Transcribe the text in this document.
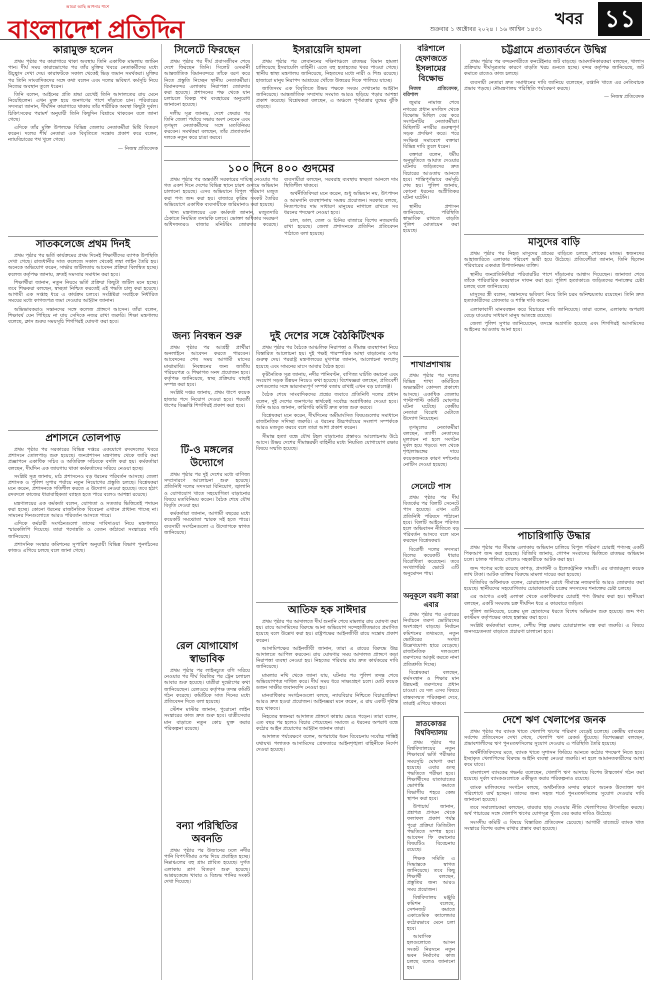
আমরা আছি আপনার পাশে
বাংলাদেশ প্রতিদিন	শুক্রবার ১ অক্টোবর ২০২৪ । ১৬ আশ্বিন ১৪৩১
খবর ১১
কারামুক্ত হলেন

প্রথম পৃষ্ঠার পর কারাগারে থাকা অবস্থায় তিনি একাধিক মামলায় জামিন পান। দীর্ঘ সময় কারাভোগের পর তাঁর মুক্তির খবরে নেতাকর্মীদের মধ্যে উচ্ছ্বাস দেখা দেয়। কারাফটকে সকাল থেকেই ভিড় জমান সমর্থকরা। মুক্তির পর তিনি সাংবাদিকদের সঙ্গে কথা বলেন এবং দলের ভবিষ্যৎ কর্মসূচি নিয়ে নিজের অবস্থান তুলে ধরেন।

তিনি বলেন, আইনের প্রতি শ্রদ্ধা রেখেই তিনি আদালতের রায় মেনে নিয়েছিলেন। এখন মুক্ত হয়ে জনগণের পাশে দাঁড়াতে চান। পরিবারের সদস্যরা জানান, দীর্ঘদিন কারাগারে থাকায় তাঁর শারীরিক অবস্থা কিছুটা দুর্বল। চিকিৎসকের পরামর্শ অনুযায়ী তিনি কিছুদিন বিশ্রামে থাকবেন বলে জানা গেছে।

এদিকে তাঁর মুক্তি উপলক্ষে বিভিন্ন জেলায় নেতাকর্মীরা মিষ্টি বিতরণ করেন। দলের শীর্ষ নেতারা এক বিবৃতিতে সন্তোষ প্রকাশ করে বলেন, ন্যায়বিচারের পথ খুলে গেছে।

— নিজস্ব প্রতিবেদক

সাতকলেজে প্রথম দিনই

প্রথম পৃষ্ঠার পর ভর্তি কার্যক্রমের প্রথম দিনেই শিক্ষার্থীদের ব্যাপক উপস্থিতি দেখা গেছে। রাজধানীর সাত কলেজে সকাল থেকেই লম্বা লাইন তৈরি হয়। অনেকে অভিযোগ করেন, সার্ভার জটিলতায় আবেদন প্রক্রিয়া বিলম্বিত হচ্ছে। কলেজ কর্তৃপক্ষ জানায়, দ্রুতই সমস্যার সমাধান করা হবে।

শিক্ষার্থীরা জানান, নতুন নিয়মে ভর্তি প্রক্রিয়া কিছুটা জটিল মনে হচ্ছে। তবে শিক্ষকরা বলছেন, স্বচ্ছতা নিশ্চিত করতেই এই পদ্ধতি চালু করা হয়েছে। আগামী এক সপ্তাহ ধরে এ কার্যক্রম চলবে। সংশ্লিষ্টরা সবাইকে নির্ধারিত সময়ের মধ্যে কাগজপত্র জমা দেওয়ার আহ্বান জানান।

অভিভাবকরাও সন্তানদের সঙ্গে কলেজ প্রাঙ্গণে আসেন। তাঁরা বলেন, শিক্ষাবর্ষ যেন পিছিয়ে না যায় সেদিকে নজর রাখা জরুরি। শিক্ষা মন্ত্রণালয় বলেছে, ক্লাস শুরুর সময়সূচি শিগগিরই ঘোষণা করা হবে।

প্রশাসনে তোলপাড়

প্রথম পৃষ্ঠার পর সরকারের বিভিন্ন দপ্তরে একযোগে রদবদলের খবরে প্রশাসনে তোলপাড় শুরু হয়েছে। জনপ্রশাসন মন্ত্রণালয় থেকে জারি করা প্রজ্ঞাপনে একাধিক সচিব ও অতিরিক্ত সচিবকে বদলি করা হয়। কর্মকর্তারা বলছেন, দীর্ঘদিন এক জায়গায় থাকা কর্মকর্তাদের সরিয়ে নেওয়া হচ্ছে।

সংশ্লিষ্ট সূত্র জানায়, মাঠ প্রশাসনেও বড় ধরনের পরিবর্তন আসছে। জেলা প্রশাসক ও পুলিশ সুপার পর্যায়ে নতুন নিয়োগের প্রস্তুতি চলছে। বিশ্লেষকরা মনে করেন, প্রশাসনকে গতিশীল করতে এ উদ্যোগ নেওয়া হয়েছে। তবে হঠাৎ রদবদলে কাজের ধারাবাহিকতা ব্যাহত হতে পারে বলেও আশঙ্কা রয়েছে।

মন্ত্রণালয়ের এক কর্মকর্তা বলেন, যোগ্যতা ও সততার ভিত্তিতেই পদায়ন করা হচ্ছে। কোনো ধরনের রাজনৈতিক বিবেচনা এখানে প্রাধান্য পাচ্ছে না। সামনের দিনগুলোতে আরও পরিবর্তন আসতে পারে।

এদিকে কর্মচারী সংগঠনগুলো তাদের দাবিদাওয়া নিয়ে মন্ত্রণালয়ে স্মারকলিপি দিয়েছে। তারা পদোন্নতি ও বেতন কাঠামো সংস্কারের দাবি জানিয়েছে।

প্রশাসনিক সংস্কার কমিশনের সুপারিশ অনুযায়ী বিভিন্ন বিভাগ পুনর্গঠনের কাজও এগিয়ে চলছে বলে জানা গেছে।

সিলেটে ফিরছেন

প্রথম পৃষ্ঠার পর দীর্ঘ প্রবাসজীবন শেষে দেশে ফিরছেন তিনি। সিলেট ওসমানী আন্তর্জাতিক বিমানবন্দরে তাঁকে বরণ করে নিতে প্রস্তুতি নিচ্ছেন স্থানীয় নেতাকর্মীরা। বিমানবন্দর এলাকায় নিরাপত্তা জোরদার করা হয়েছে। প্রশাসনের পক্ষ থেকে যান চলাচলে বিকল্প পথ ব্যবহারের অনুরোধ জানানো হয়েছে।

দলীয় সূত্র জানায়, দেশে ফেরার পর তিনি জেলা পর্যায়ে সভায় অংশ নেবেন এবং তৃণমূল নেতাকর্মীদের সঙ্গে মতবিনিময় করবেন। সমর্থকরা বলছেন, তাঁর প্রত্যাবর্তন দলকে নতুন করে চাঙা করবে।

জন্য নিবন্ধন শুরু

প্রথম পৃষ্ঠার পর আগ্রহী প্রার্থীরা অনলাইনে আবেদন করতে পারবেন। আবেদনের শেষ সময় আগামী মাসের মাঝামাঝি। নিবন্ধনের জন্য জাতীয় পরিচয়পত্র ও শিক্ষাগত সনদ প্রয়োজন হবে। কর্তৃপক্ষ জানিয়েছে, স্বচ্ছ প্রক্রিয়ায় বাছাই সম্পন্ন করা হবে।

সংশ্লিষ্ট দপ্তর জানায়, প্রথম ধাপে কয়েক হাজার পদে নিয়োগ দেওয়া হবে। পরবর্তী ধাপের বিজ্ঞপ্তি শিগগিরই প্রকাশ করা হবে।

টি-ও মঙ্গলের উদ্যোগে

প্রথম পৃষ্ঠার পর দুই দেশের মধ্যে বাণিজ্য সম্প্রসারণে আলোচনা শুরু হয়েছে। প্রতিনিধি দলের সদস্যরা বিনিয়োগ, জ্বালানি ও যোগাযোগ খাতে সহযোগিতা বাড়ানোর বিষয়ে মতবিনিময় করেন। বৈঠক শেষে যৌথ বিবৃতি দেওয়া হয়।

কর্মকর্তারা জানান, আগামী বছরের মধ্যে কয়েকটি সমঝোতা স্মারক সই হতে পারে। ব্যবসায়ী সংগঠনগুলো এ উদ্যোগকে স্বাগত জানিয়েছে।

রেল যোগাযোগ স্বাভাবিক

প্রথম পৃষ্ঠার পর লাইনচ্যুত বগি সরিয়ে নেওয়ার পর দীর্ঘ বিরতির পর ট্রেন চলাচল আবার শুরু হয়েছে। যাত্রীরা দুর্ভোগের কথা জানিয়েছেন। রেলওয়ে কর্তৃপক্ষ তদন্ত কমিটি গঠন করেছে। কমিটিকে সাত দিনের মধ্যে প্রতিবেদন দিতে বলা হয়েছে।

স্টেশন মাস্টার জানান, পুরোনো লাইন সংস্কারের কাজ দ্রুত শুরু হবে। যাত্রীসেবার মান বাড়াতে নতুন কোচ যুক্ত করার পরিকল্পনা রয়েছে।

বন্যা পরিস্থিতির অবনতি

প্রথম পৃষ্ঠার পর উজানের ঢলে নদীর পানি বিপৎসীমার ওপর দিয়ে প্রবাহিত হচ্ছে। নিম্নাঞ্চলের বহু গ্রাম প্লাবিত হয়েছে। দুর্গত এলাকায় ত্রাণ বিতরণ শুরু হয়েছে। আশ্রয়কেন্দ্রে খাবার ও বিশুদ্ধ পানির সংকট দেখা দিয়েছে।

ইসরায়েলি হামলা

প্রথম পৃষ্ঠার পর লেবাননের দক্ষিণাঞ্চলে রাতভর বিমান হামলা চালিয়েছে ইসরায়েলি বাহিনী। এতে বহু হতাহতের খবর পাওয়া গেছে। স্থানীয় স্বাস্থ্য মন্ত্রণালয় জানিয়েছে, নিহতদের মধ্যে নারী ও শিশু রয়েছে। হাজারো মানুষ নিরাপদ আশ্রয়ের খোঁজে উত্তরের দিকে পালিয়ে যাচ্ছে।

জাতিসংঘ এক বিবৃতিতে উভয় পক্ষকে সংযম দেখানোর আহ্বান জানিয়েছে। আন্তর্জাতিক সম্প্রদায় সংঘাত আরও ছড়িয়ে পড়ার আশঙ্কা প্রকাশ করেছে। বিশ্লেষকরা বলছেন, এ অঞ্চলে পূর্ণমাত্রার যুদ্ধের ঝুঁকি বাড়ছে।

১০০ দিনে ৪০০ গুদমের

প্রথম পৃষ্ঠার পর অন্তর্বর্তী সরকারের দায়িত্ব নেওয়ার পর গত একশ দিনে দেশের বিভিন্ন স্থানে চারশ গুদামে অভিযান চালানো হয়েছে। এসব অভিযানে বিপুল পরিমাণ মজুত করা পণ্য জব্দ করা হয়। বাজারে কৃত্রিম সংকট তৈরির অভিযোগে একাধিক ব্যবসায়ীকে জরিমানাও করা হয়েছে।

খাদ্য মন্ত্রণালয়ের এক কর্মকর্তা জানান, মজুতদারি ঠেকাতে নিয়মিত তদারকি চলবে। ভোক্তা অধিকার সংরক্ষণ অধিদফতরও বাজার মনিটরিং জোরদার করেছে। ব্যবসায়ীরা বলছেন, সরবরাহ ব্যবস্থায় স্বচ্ছতা আনলে দাম স্থিতিশীল থাকবে।

অর্থনীতিবিদরা মনে করেন, শুধু অভিযান নয়, উৎপাদন ও আমদানি ব্যবস্থাপনায় সমন্বয় প্রয়োজন। সরকার বলছে, নিত্যপণ্যের দাম সাধারণ মানুষের নাগালে রাখতে সব ধরনের পদক্ষেপ নেওয়া হবে।

চাল, ডাল, তেল ও চিনির বাজারে বিশেষ নজরদারি রাখা হয়েছে। জেলা প্রশাসনকে প্রতিদিন প্রতিবেদন পাঠাতে বলা হয়েছে।

দুই দেশের সঙ্গে বৈঠকিটিংখক

প্রথম পৃষ্ঠার পর বৈঠকে আঞ্চলিক নিরাপত্তা ও সীমান্ত ব্যবস্থাপনা নিয়ে বিস্তারিত আলোচনা হয়। দুই পক্ষই পারস্পরিক আস্থা বাড়ানোর ওপর গুরুত্ব দেয়। পররাষ্ট্র মন্ত্রণালয়ের মুখপাত্র জানান, আলোচনা ফলপ্রসূ হয়েছে এবং সামনের মাসে আবার বৈঠক হবে।

কূটনৈতিক সূত্র জানায়, নদীর পানিবণ্টন, বাণিজ্য ঘাটতি কমানো এবং সংযোগ সড়ক উন্নয়ন নিয়েও কথা হয়েছে। বিশেষজ্ঞরা বলছেন, প্রতিবেশী দেশগুলোর সঙ্গে ভারসাম্যপূর্ণ সম্পর্ক বজায় রাখাই এখন বড় চ্যালেঞ্জ।

বৈঠক শেষে সাংবাদিকদের প্রশ্নের জবাবে প্রতিনিধি দলের প্রধান বলেন, দুই দেশের জনগণের স্বার্থকেই সর্বোচ্চ অগ্রাধিকার দেওয়া হবে। তিনি আরও জানান, কারিগরি কমিটি দ্রুত কাজ শুরু করবে।

বিশ্লেষকরা মনে করেন, দীর্ঘদিনের অমীমাংসিত বিষয়গুলোর সমাধানে রাজনৈতিক সদিচ্ছা জরুরি। এ ধরনের উচ্চপর্যায়ের সংলাপ সম্পর্ককে আরও মজবুত করবে বলে তারা আশা প্রকাশ করেন।

সীমান্ত হত্যা বন্ধে যৌথ টহল বাড়ানোর প্রস্তাবও আলোচনায় উঠে আসে। উভয় দেশের সীমান্তরক্ষী বাহিনীর মধ্যে নিয়মিত যোগাযোগ রক্ষার বিষয়ে সম্মতি হয়েছে।

আতিফ হক সাঈদার

প্রথম পৃষ্ঠার পর আদালতে দীর্ঘ শুনানি শেষে মামলার রায় ঘোষণা করা হয়। রায়ে আসামিদের বিরুদ্ধে আনা অভিযোগ সন্দেহাতীতভাবে প্রমাণিত হয়েছে বলে উল্লেখ করা হয়। রাষ্ট্রপক্ষের আইনজীবী রায়ে সন্তোষ প্রকাশ করেন।

আসামিপক্ষের আইনজীবী জানান, তারা এ রায়ের বিরুদ্ধে উচ্চ আদালতে আপিল করবেন। রায় ঘোষণার সময় আদালত প্রাঙ্গণে কড়া নিরাপত্তা ব্যবস্থা নেওয়া হয়। নিহতের পরিবার রায় দ্রুত কার্যকরের দাবি জানিয়েছে।

মামলার নথি থেকে জানা যায়, ঘটনার পর পুলিশ তদন্ত শেষে অভিযোগপত্র দাখিল করে। দীর্ঘ সময় ধরে সাক্ষ্যগ্রহণ চলে। মোট কয়েক ডজন সাক্ষীর জবানবন্দি নেওয়া হয়।

মানবাধিকার সংগঠনগুলো বলছে, ন্যায়বিচার নিশ্চিতে বিচারপ্রক্রিয়া আরও দ্রুত হওয়া প্রয়োজন। আইনজ্ঞরা মনে করেন, এ রায় একটি দৃষ্টান্ত হয়ে থাকবে।

নিহতের স্বজনরা আদালত প্রাঙ্গণে কান্নায় ভেঙে পড়েন। তারা বলেন, এত বছর পর হলেও বিচার পেয়েছেন। সমাজে এ ধরনের অপরাধ বন্ধে কঠোর আইন প্রয়োগের আহ্বান জানান তারা।

আদালত পর্যবেক্ষণে বলেন, অপরাধের ধরন বিবেচনায় সর্বোচ্চ শাস্তিই যথাযথ। পলাতক আসামিদের গ্রেফতারে আইনশৃঙ্খলা বাহিনীকে নির্দেশ দেওয়া হয়েছে।

বরিশালে হেফাজতে ইসলামের বিক্ষোভ

নিজস্ব প্রতিবেদক, বরিশাল

জুমার নামাজ শেষে নগরের প্রধান মসজিদ থেকে বিক্ষোভ মিছিল বের করে সংগঠনটির নেতাকর্মীরা। মিছিলটি নগরীর গুরুত্বপূর্ণ সড়ক প্রদক্ষিণ করে। পরে সংক্ষিপ্ত সমাবেশে বক্তারা বিভিন্ন দাবি তুলে ধরেন।

বক্তারা বলেন, ধর্মীয় অনুভূতিতে আঘাত দেওয়ার ঘটনায় জড়িতদের দ্রুত বিচারের আওতায় আনতে হবে। শান্তিপূর্ণভাবে কর্মসূচি শেষ হয়। পুলিশ জানায়, কোনো ধরনের অপ্রীতিকর ঘটনা ঘটেনি।

স্থানীয় প্রশাসন জানিয়েছে, পরিস্থিতি স্বাভাবিক রাখতে বাড়তি পুলিশ মোতায়েন করা হয়েছে।

শাখাপ্রশাখায়

প্রথম পৃষ্ঠার পর দলের বিভিন্ন শাখা কমিটিতে অভ্যন্তরীণ কোন্দল প্রকাশ্যে আসছে। একাধিক জেলায় পাল্টাপাল্টি কমিটি ঘোষণার ঘটনা ঘটেছে। কেন্দ্রীয় নেতারা বিরোধ মেটাতে উদ্যোগ নিয়েছেন।

তৃণমূলের নেতাকর্মীরা বলছেন, ত্যাগী নেতাদের মূল্যায়ন না হলে সংগঠন দুর্বল হয়ে পড়বে। দল থেকে শৃঙ্খলাভঙ্গের দায়ে কয়েকজনকে কারণ দর্শানোর নোটিস দেওয়া হয়েছে।

সেনেটে পাস

প্রথম পৃষ্ঠার পর দীর্ঘ বিতর্কের পর বিলটি সেনেটে পাস হয়েছে। এখন এটি প্রতিনিধি পরিষদে পাঠানো হবে। বিলটি আইনে পরিণত হলে অভিবাসন নীতিতে বড় পরিবর্তন আসবে বলে মনে করছেন বিশ্লেষকরা।

বিরোধী দলের সদস্যরা বিলের কয়েকটি ধারার বিরোধিতা করেছেন। তবে সংখ্যাগরিষ্ঠ ভোটে এটি অনুমোদন পায়।

অনুকূলে বয়সী কারা এবার

প্রথম পৃষ্ঠার পর এবারের নির্বাচনে তরুণ ভোটারদের অংশগ্রহণ বাড়ছে। নির্বাচন কমিশনের তথ্যমতে, নতুন ভোটারের সংখ্যা উল্লেখযোগ্য হারে বেড়েছে। রাজনৈতিক দলগুলো তরুণদের আকৃষ্ট করতে নানা প্রতিশ্রুতি দিচ্ছে।

বিশ্লেষকরা বলছেন, কর্মসংস্থান ও শিক্ষার মান উন্নয়নই তরুণদের প্রধান চাওয়া। যে দল এসব বিষয়ে বাস্তবসম্মত পরিকল্পনা দেবে, তারাই এগিয়ে থাকবে।

স্নাতকোত্তর বিশ্ববিদ্যালয়

প্রথম পৃষ্ঠার পর বিশ্ববিদ্যালয়ের নতুন শিক্ষাবর্ষে ভর্তি পরীক্ষার সময়সূচি ঘোষণা করা হয়েছে। এবার গুচ্ছ পদ্ধতিতে পরীক্ষা হবে। শিক্ষার্থীদের যাতায়াতের ভোগান্তি কমাতে বিভাগীয় শহরে কেন্দ্র স্থাপন করা হবে।

উপাচার্য জানান, প্রশ্নপত্র প্রণয়ন থেকে ফলাফল প্রকাশ পর্যন্ত পুরো প্রক্রিয়া ডিজিটাল পদ্ধতিতে সম্পন্ন হবে। আবেদন ফি কমানোর বিষয়টিও বিবেচনায় রয়েছে।

শিক্ষক সমিতি এ সিদ্ধান্তকে স্বাগত জানিয়েছে। তবে কিছু শিক্ষার্থী বলছেন, প্রস্তুতির জন্য আরও সময় প্রয়োজন।

বিশ্ববিদ্যালয় মঞ্জুরি কমিশন বলেছে, সেশনজট কমাতে একাডেমিক ক্যালেন্ডার কঠোরভাবে মেনে চলা হবে।

আবাসিক হলগুলোতে আসন সংকট নিরসনে নতুন ভবন নির্মাণের কাজ চলছে বলেও জানানো হয়।

চট্টগ্রামে প্রত্যাবর্তনে উদ্বিগ্ন

প্রথম পৃষ্ঠার পর বন্দরনগরীতে কনটেইনার জট বাড়ছে। আমদানিকারকরা বলছেন, খালাস প্রক্রিয়ায় দীর্ঘসূত্রতার কারণে বাড়তি খরচ গুনতে হচ্ছে। বন্দর কর্তৃপক্ষ জানিয়েছে, জট কমাতে রাতেও কাজ চলছে।

ব্যবসায়ী নেতারা দ্রুত সমাধানের দাবি জানিয়ে বলেছেন, রপ্তানি খাতে এর নেতিবাচক প্রভাব পড়ছে। নৌমন্ত্রণালয় পরিস্থিতি পর্যবেক্ষণ করছে।

— নিজস্ব প্রতিবেদক

মাসুদের বাড়ি

প্রথম পৃষ্ঠার পর নিহত মাসুদের গ্রামের বাড়িতে চলছে শোকের মাতম। স্বজনদের আহাজারিতে এলাকার পরিবেশ ভারী হয়ে উঠেছে। প্রতিবেশীরা জানান, তিনি ছিলেন পরিবারের একমাত্র উপার্জনক্ষম ব্যক্তি।

স্থানীয় জনপ্রতিনিধিরা পরিবারটির পাশে দাঁড়ানোর আশ্বাস দিয়েছেন। জানাজা শেষে তাঁকে পারিবারিক কবরস্থানে দাফন করা হয়। পুলিশ হত্যাকাণ্ডে জড়িতদের শনাক্তের চেষ্টা চলছে বলে জানিয়েছে।

মাসুদের স্ত্রী বলেন, সন্তানদের ভবিষ্যৎ নিয়ে তিনি চরম অনিশ্চয়তায় রয়েছেন। তিনি দ্রুত হত্যাকারীদের গ্রেফতার ও শাস্তি দাবি করেন।

এলাকাবাসী মানববন্ধন করে বিচারের দাবি জানিয়েছে। তারা বলেন, এলাকায় অপরাধ বেড়ে যাওয়ায় সাধারণ মানুষ আতঙ্কে রয়েছে।

জেলা পুলিশ সুপার জানিয়েছেন, তদন্তে অগ্রগতি হয়েছে এবং শিগগিরই আসামিদের আইনের আওতায় আনা হবে।

পাচারিগাড়ি উদ্ধার

প্রথম পৃষ্ঠার পর সীমান্ত এলাকায় অভিযান চালিয়ে বিপুল পরিমাণ চোরাই পণ্যসহ একটি পিকআপ জব্দ করা হয়েছে। বিজিবি জানায়, গোপন সংবাদের ভিত্তিতে রাতভর অভিযান চলে। চালক পালিয়ে গেলেও সহকারীকে আটক করা হয়।

জব্দ পণ্যের মধ্যে রয়েছে কাপড়, প্রসাধনী ও ইলেকট্রনিক সামগ্রী। এর বাজারমূল্য কয়েক লাখ টাকা। আটক ব্যক্তির বিরুদ্ধে মামলা দায়ের করা হয়েছে।

বিজিবির অধিনায়ক বলেন, চোরাচালান রোধে সীমান্তে নজরদারি আরও জোরদার করা হয়েছে। স্থানীয়দের সহযোগিতায় চোরাকারবারি চক্রের সদস্যদের শনাক্তের চেষ্টা চলছে।

এর আগেও একই এলাকা থেকে একাধিকবার চোরাই পণ্য উদ্ধার করা হয়। স্থানীয়রা বলছেন, একটি সংঘবদ্ধ চক্র দীর্ঘদিন ধরে এ কারবারে জড়িত।

পুলিশ জানিয়েছে, চক্রের মূল হোতাদের ধরতে বিশেষ অভিযান শুরু হয়েছে। জব্দ পণ্য কাস্টমস কর্তৃপক্ষের কাছে হস্তান্তর করা হবে।

সংশ্লিষ্ট কর্মকর্তারা বলেন, দেশীয় শিল্প রক্ষায় চোরাচালান বন্ধ করা জরুরি। এ বিষয়ে জনসচেতনতা বাড়াতে প্রচারণা চালানো হবে।

দেশে ঋণ খেলাপের জনক

প্রথম পৃষ্ঠার পর ব্যাংক খাতে খেলাপি ঋণের পরিমাণ বেড়েই চলেছে। কেন্দ্রীয় ব্যাংকের সর্বশেষ প্রতিবেদনে দেখা গেছে, খেলাপি ঋণ রেকর্ড ছুঁয়েছে। বিশেষজ্ঞরা বলছেন, প্রভাবশালীদের ঋণ পুনঃতফসিলের সুযোগ দেওয়ায় এ পরিস্থিতি তৈরি হয়েছে।

অর্থনীতিবিদদের মতে, ব্যাংক খাতে সুশাসন ফিরিয়ে আনতে কঠোর পদক্ষেপ নিতে হবে। ইচ্ছাকৃত খেলাপিদের বিরুদ্ধে আইনি ব্যবস্থা নেওয়া জরুরি। না হলে আমানতকারীদের আস্থা কমে যাবে।

বাংলাদেশ ব্যাংকের গভর্নর বলেছেন, খেলাপি ঋণ আদায়ে বিশেষ টাস্কফোর্স গঠন করা হয়েছে। দুর্বল ব্যাংকগুলোকে একীভূত করার পরিকল্পনাও রয়েছে।

ব্যাংক মালিকদের সংগঠন বলছে, অর্থনৈতিক মন্দার কারণে অনেক উদ্যোক্তা ঋণ পরিশোধে ব্যর্থ হচ্ছেন। তাদের জন্য সহজ শর্তে পুনঃতফসিলের সুযোগ দেওয়ার দাবি জানানো হয়েছে।

তবে সমালোচকরা বলছেন, বারবার ছাড় দেওয়ার নীতি খেলাপিদের উৎসাহিত করছে। অর্থ পাচারের সঙ্গে খেলাপি ঋণের যোগসূত্র খুঁজে বের করার দাবিও উঠেছে।

সংসদীয় কমিটি এ বিষয়ে বিস্তারিত প্রতিবেদন চেয়েছে। আগামী বাজেটে ব্যাংক খাত সংস্কারে বিশেষ বরাদ্দ রাখার প্রস্তাব করা হয়েছে।
